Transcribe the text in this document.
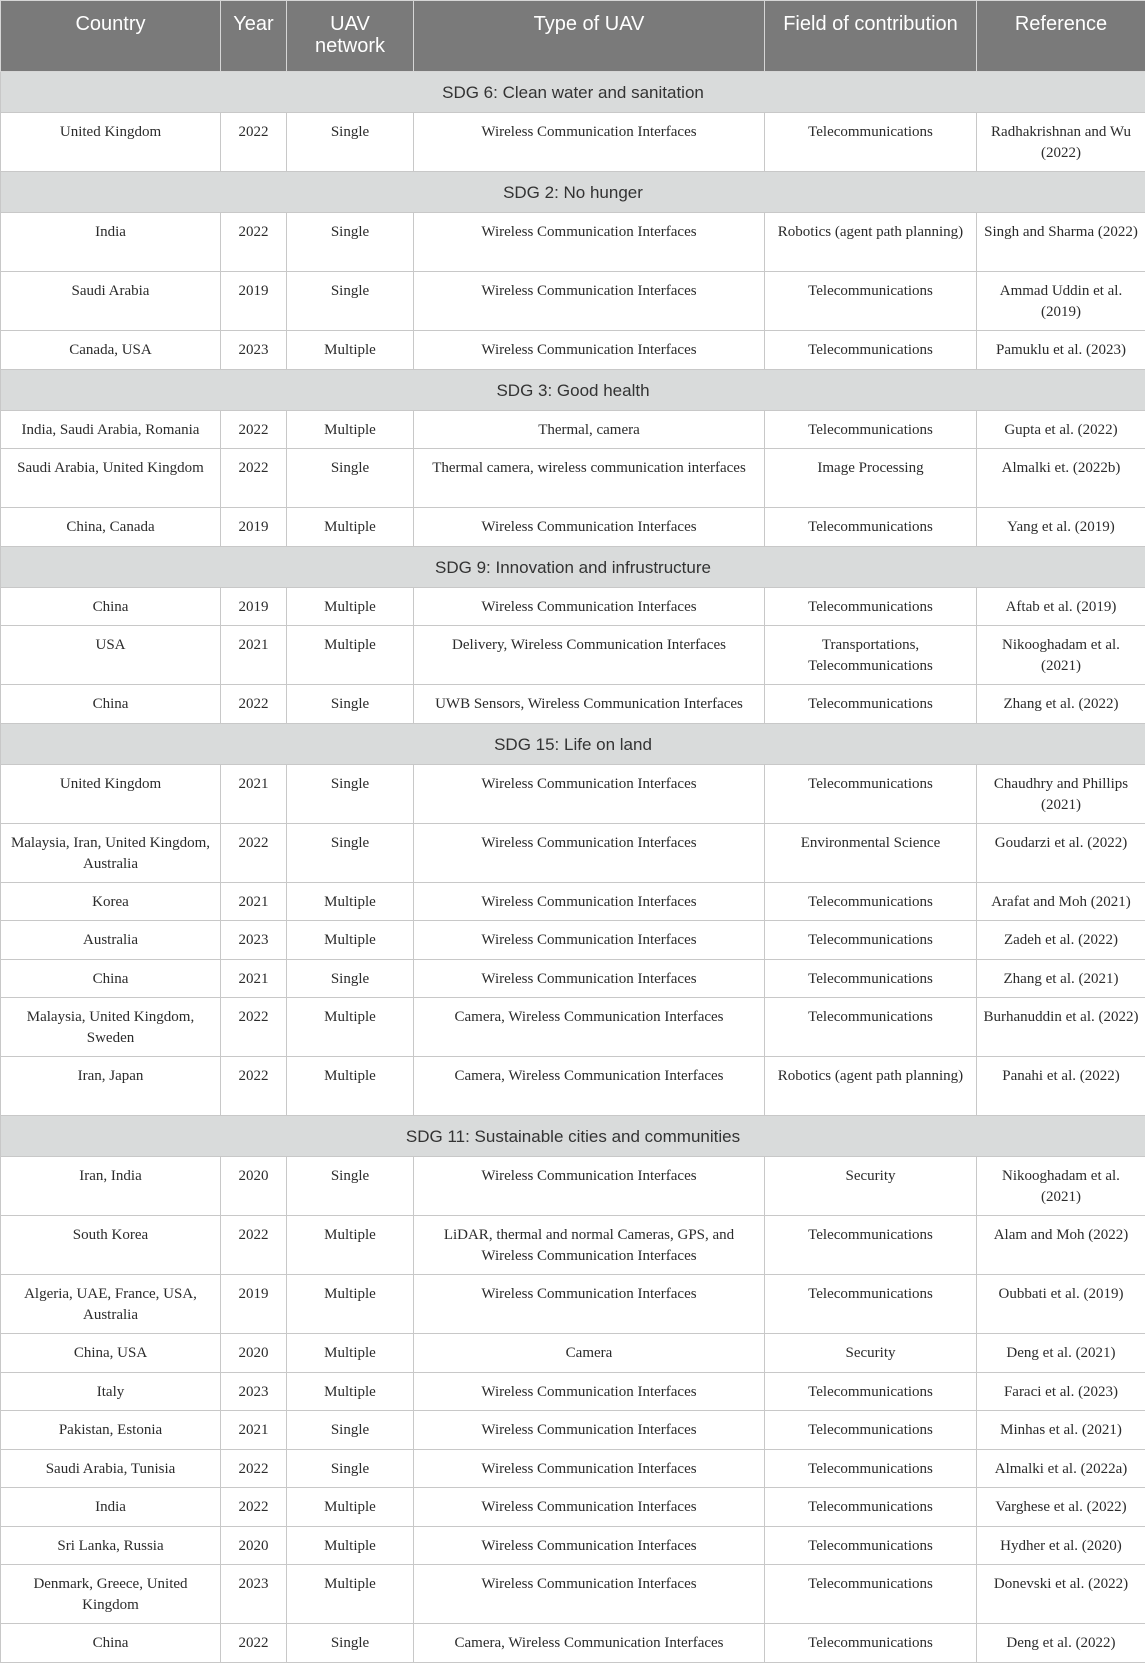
Country	Year	UAV network	Type of UAV	Field of contribution	Reference
SDG 6: Clean water and sanitation					
United Kingdom	2022	Single	Wireless Communication Interfaces	Telecommunications	Radhakrishnan and Wu (2022)
SDG 2: No hunger					
India	2022	Single	Wireless Communication Interfaces	Robotics (agent path planning)	Singh and Sharma (2022)
Saudi Arabia	2019	Single	Wireless Communication Interfaces	Telecommunications	Ammad Uddin et al. (2019)
Canada, USA	2023	Multiple	Wireless Communication Interfaces	Telecommunications	Pamuklu et al. (2023)
SDG 3: Good health					
India, Saudi Arabia, Romania	2022	Multiple	Thermal, camera	Telecommunications	Gupta et al. (2022)
Saudi Arabia, United Kingdom	2022	Single	Thermal camera, wireless communication interfaces	Image Processing	Almalki et. (2022b)
China, Canada	2019	Multiple	Wireless Communication Interfaces	Telecommunications	Yang et al. (2019)
SDG 9: Innovation and infrustructure					
China	2019	Multiple	Wireless Communication Interfaces	Telecommunications	Aftab et al. (2019)
USA	2021	Multiple	Delivery, Wireless Communication Interfaces	Transportations, Telecommunications	Nikooghadam et al. (2021)
China	2022	Single	UWB Sensors, Wireless Communication Interfaces	Telecommunications	Zhang et al. (2022)
SDG 15: Life on land					
United Kingdom	2021	Single	Wireless Communication Interfaces	Telecommunications	Chaudhry and Phillips (2021)
Malaysia, Iran, United Kingdom, Australia	2022	Single	Wireless Communication Interfaces	Environmental Science	Goudarzi et al. (2022)
Korea	2021	Multiple	Wireless Communication Interfaces	Telecommunications	Arafat and Moh (2021)
Australia	2023	Multiple	Wireless Communication Interfaces	Telecommunications	Zadeh et al. (2022)
China	2021	Single	Wireless Communication Interfaces	Telecommunications	Zhang et al. (2021)
Malaysia, United Kingdom, Sweden	2022	Multiple	Camera, Wireless Communication Interfaces	Telecommunications	Burhanuddin et al. (2022)
Iran, Japan	2022	Multiple	Camera, Wireless Communication Interfaces	Robotics (agent path planning)	Panahi et al. (2022)
SDG 11: Sustainable cities and communities					
Iran, India	2020	Single	Wireless Communication Interfaces	Security	Nikooghadam et al. (2021)
South Korea	2022	Multiple	LiDAR, thermal and normal Cameras, GPS, and Wireless Communication Interfaces	Telecommunications	Alam and Moh (2022)
Algeria, UAE, France, USA, Australia	2019	Multiple	Wireless Communication Interfaces	Telecommunications	Oubbati et al. (2019)
China, USA	2020	Multiple	Camera	Security	Deng et al. (2021)
Italy	2023	Multiple	Wireless Communication Interfaces	Telecommunications	Faraci et al. (2023)
Pakistan, Estonia	2021	Single	Wireless Communication Interfaces	Telecommunications	Minhas et al. (2021)
Saudi Arabia, Tunisia	2022	Single	Wireless Communication Interfaces	Telecommunications	Almalki et al. (2022a)
India	2022	Multiple	Wireless Communication Interfaces	Telecommunications	Varghese et al. (2022)
Sri Lanka, Russia	2020	Multiple	Wireless Communication Interfaces	Telecommunications	Hydher et al. (2020)
Denmark, Greece, United Kingdom	2023	Multiple	Wireless Communication Interfaces	Telecommunications	Donevski et al. (2022)
China	2022	Single	Camera, Wireless Communication Interfaces	Telecommunications	Deng et al. (2022)
